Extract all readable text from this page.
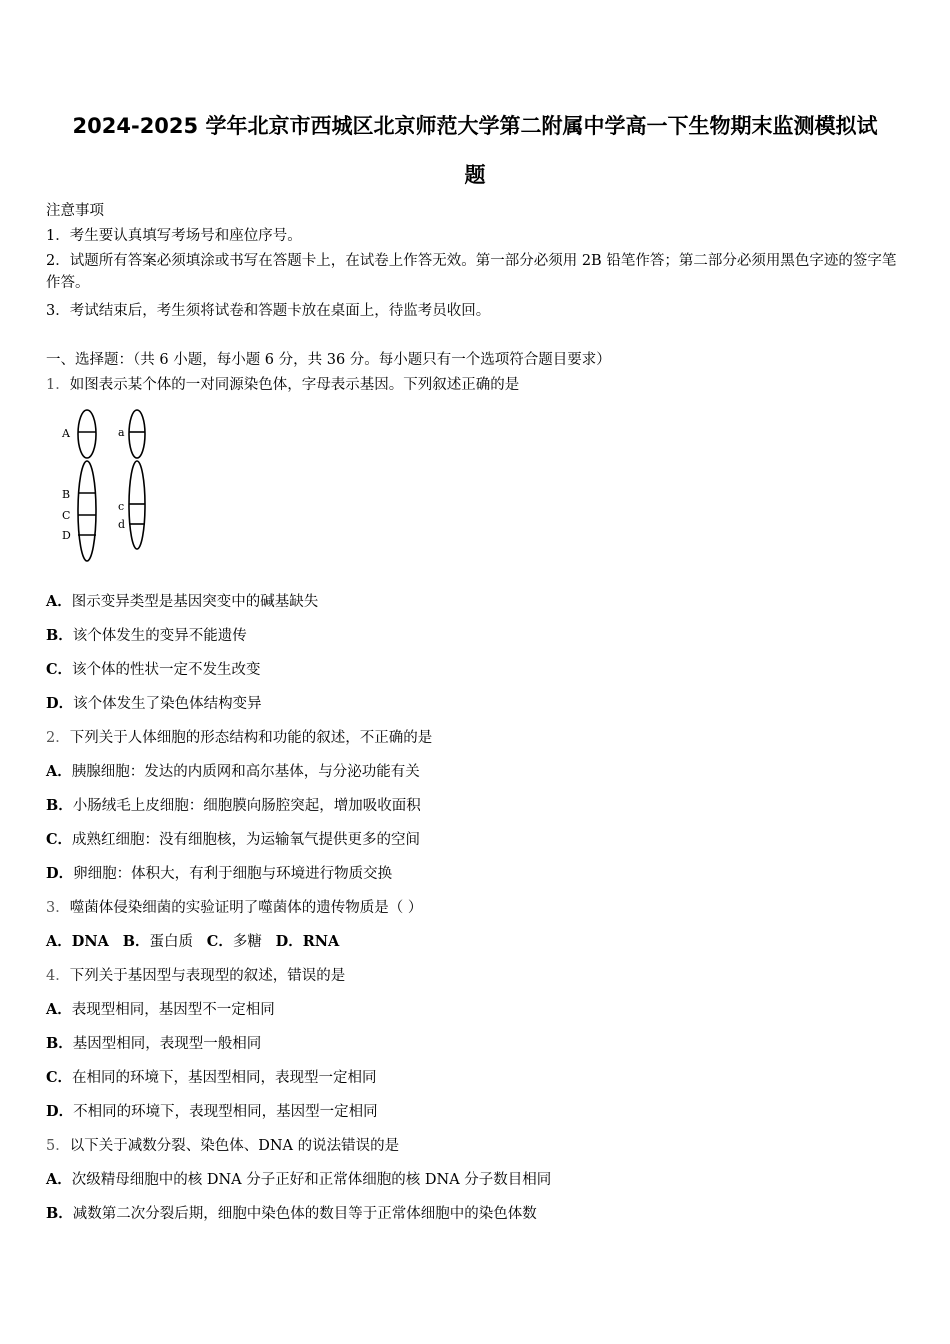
2024-2025 学年北京市西城区北京师范大学第二附属中学高一下生物期末监测模拟试
题
注意事项
1．考生要认真填写考场号和座位序号。
2．试题所有答案必须填涂或书写在答题卡上，在试卷上作答无效。第一部分必须用 2B 铅笔作答；第二部分必须用黑色字迹的签字笔作答。
3．考试结束后，考生须将试卷和答题卡放在桌面上，待监考员收回。
一、选择题：（共 6 小题，每小题 6 分，共 36 分。每小题只有一个选项符合题目要求）
1．如图表示某个体的一对同源染色体，字母表示基因。下列叙述正确的是
A
B
C
D
a
c
d
A．图示变异类型是基因突变中的碱基缺失
B．该个体发生的变异不能遗传
C．该个体的性状一定不发生改变
D．该个体发生了染色体结构变异
2．下列关于人体细胞的形态结构和功能的叙述，不正确的是
A．胰腺细胞：发达的内质网和高尔基体，与分泌功能有关
B．小肠绒毛上皮细胞：细胞膜向肠腔突起，增加吸收面积
C．成熟红细胞：没有细胞核，为运输氧气提供更多的空间
D．卵细胞：体积大，有利于细胞与环境进行物质交换
3．噬菌体侵染细菌的实验证明了噬菌体的遗传物质是（ ）
A．DNA B．蛋白质 C．多糖 D．RNA
4．下列关于基因型与表现型的叙述，错误的是
A．表现型相同，基因型不一定相同
B．基因型相同，表现型一般相同
C．在相同的环境下，基因型相同，表现型一定相同
D．不相同的环境下，表现型相同，基因型一定相同
5．以下关于减数分裂、染色体、DNA 的说法错误的是
A．次级精母细胞中的核 DNA 分子正好和正常体细胞的核 DNA 分子数目相同
B．减数第二次分裂后期，细胞中染色体的数目等于正常体细胞中的染色体数
